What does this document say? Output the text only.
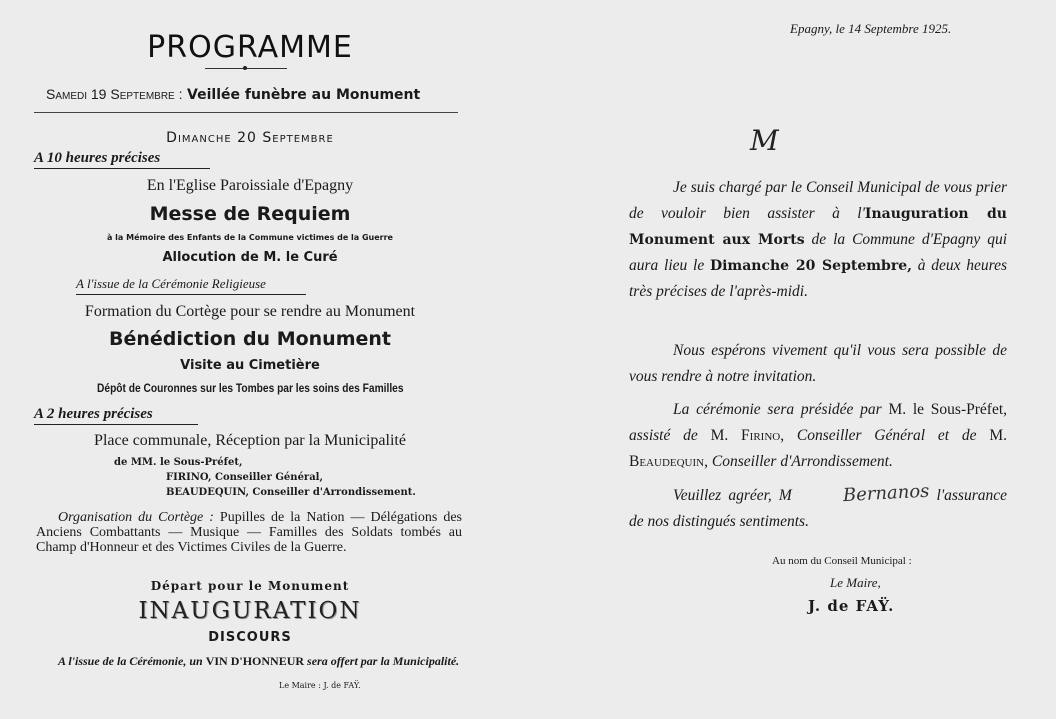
PROGRAMME
Samedi 19 Septembre : Veillée funèbre au Monument
Dimanche 20 Septembre
A 10 heures précises
En l'Eglise Paroissiale d'Epagny
Messe de Requiem
à la Mémoire des Enfants de la Commune victimes de la Guerre
Allocution de M. le Curé
A l'issue de la Cérémonie Religieuse
Formation du Cortège pour se rendre au Monument
Bénédiction du Monument
Visite au Cimetière
Dépôt de Couronnes sur les Tombes par les soins des Familles
A 2 heures précises
Place communale, Réception par la Municipalité
de MM. le Sous-Préfet,
FIRINO, Conseiller Général,
BEAUDEQUIN, Conseiller d'Arrondissement.
Organisation du Cortège : Pupilles de la Nation — Délégations des Anciens Combattants — Musique — Familles des Soldats tombés au Champ d'Honneur et des Victimes Civiles de la Guerre.
Départ pour le Monument
INAUGURATION
DISCOURS
A l'issue de la Cérémonie, un VIN D'HONNEUR sera offert par la Municipalité.
Le Maire : J. de FAŸ.
Epagny, le 14 Septembre 1925.
M

Je suis chargé par le Conseil Municipal de vous prier de vouloir bien assister à l'Inauguration du Monument aux Morts de la Commune d'Epagny qui aura lieu le Dimanche 20 Septembre, à deux heures très précises de l'après-midi.

Nous espérons vivement qu'il vous sera possible de vous rendre à notre invitation.

La cérémonie sera présidée par M. le Sous-Préfet, assisté de M. Firino, Conseiller Général et de M. Beaudequin, Conseiller d'Arrondissement.

Veuillez agréer, M	Bernanos l'assurance de nos distingués sentiments.

Au nom du Conseil Municipal :
Le Maire,
J. de FAŸ.
